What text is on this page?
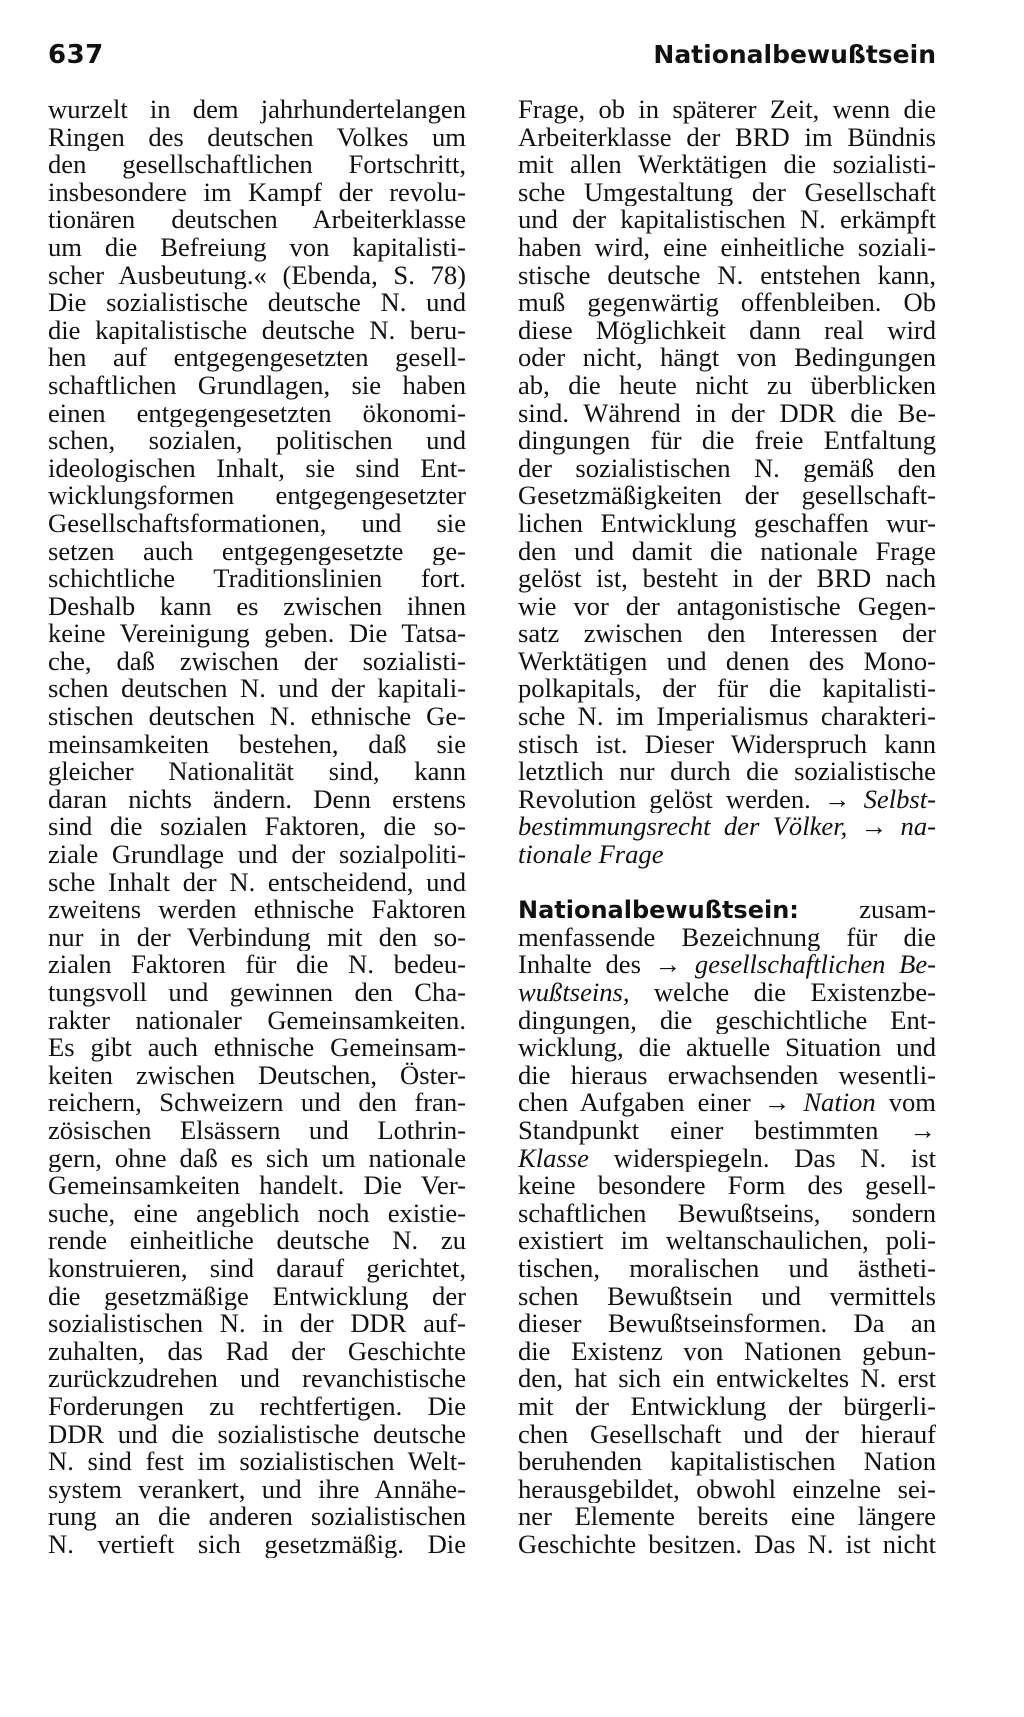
637	Nationalbewußtsein
wurzelt in dem jahrhundertelangen
Ringen des deutschen Volkes um
den gesellschaftlichen Fortschritt,
insbesondere im Kampf der revolu-
tionären deutschen Arbeiterklasse
um die Befreiung von kapitalisti-
scher Ausbeutung.« (Ebenda, S. 78)
Die sozialistische deutsche N. und
die kapitalistische deutsche N. beru-
hen auf entgegengesetzten gesell-
schaftlichen Grundlagen, sie haben
einen entgegengesetzten ökonomi-
schen, sozialen, politischen und
ideologischen Inhalt, sie sind Ent-
wicklungsformen entgegengesetzter
Gesellschaftsformationen, und sie
setzen auch entgegengesetzte ge-
schichtliche Traditionslinien fort.
Deshalb kann es zwischen ihnen
keine Vereinigung geben. Die Tatsa-
che, daß zwischen der sozialisti-
schen deutschen N. und der kapitali-
stischen deutschen N. ethnische Ge-
meinsamkeiten bestehen, daß sie
gleicher Nationalität sind, kann
daran nichts ändern. Denn erstens
sind die sozialen Faktoren, die so-
ziale Grundlage und der sozialpoliti-
sche Inhalt der N. entscheidend, und
zweitens werden ethnische Faktoren
nur in der Verbindung mit den so-
zialen Faktoren für die N. bedeu-
tungsvoll und gewinnen den Cha-
rakter nationaler Gemeinsamkeiten.
Es gibt auch ethnische Gemeinsam-
keiten zwischen Deutschen, Öster-
reichern, Schweizern und den fran-
zösischen Elsässern und Lothrin-
gern, ohne daß es sich um nationale
Gemeinsamkeiten handelt. Die Ver-
suche, eine angeblich noch existie-
rende einheitliche deutsche N. zu
konstruieren, sind darauf gerichtet,
die gesetzmäßige Entwicklung der
sozialistischen N. in der DDR auf-
zuhalten, das Rad der Geschichte
zurückzudrehen und revanchistische
Forderungen zu rechtfertigen. Die
DDR und die sozialistische deutsche
N. sind fest im sozialistischen Welt-
system verankert, und ihre Annähe-
rung an die anderen sozialistischen
N. vertieft sich gesetzmäßig. Die
Frage, ob in späterer Zeit, wenn die
Arbeiterklasse der BRD im Bündnis
mit allen Werktätigen die sozialisti-
sche Umgestaltung der Gesellschaft
und der kapitalistischen N. erkämpft
haben wird, eine einheitliche soziali-
stische deutsche N. entstehen kann,
muß gegenwärtig offenbleiben. Ob
diese Möglichkeit dann real wird
oder nicht, hängt von Bedingungen
ab, die heute nicht zu überblicken
sind. Während in der DDR die Be-
dingungen für die freie Entfaltung
der sozialistischen N. gemäß den
Gesetzmäßigkeiten der gesellschaft-
lichen Entwicklung geschaffen wur-
den und damit die nationale Frage
gelöst ist, besteht in der BRD nach
wie vor der antagonistische Gegen-
satz zwischen den Interessen der
Werktätigen und denen des Mono-
polkapitals, der für die kapitalisti-
sche N. im Imperialismus charakteri-
stisch ist. Dieser Widerspruch kann
letztlich nur durch die sozialistische
Revolution gelöst werden. → Selbst-
bestimmungsrecht der Völker, → na-
tionale Frage
Nationalbewußtsein: zusam-
menfassende Bezeichnung für die
Inhalte des → gesellschaftlichen Be-
wußtseins, welche die Existenzbe-
dingungen, die geschichtliche Ent-
wicklung, die aktuelle Situation und
die hieraus erwachsenden wesentli-
chen Aufgaben einer → Nation vom
Standpunkt einer bestimmten →
Klasse widerspiegeln. Das N. ist
keine besondere Form des gesell-
schaftlichen Bewußtseins, sondern
existiert im weltanschaulichen, poli-
tischen, moralischen und ästheti-
schen Bewußtsein und vermittels
dieser Bewußtseinsformen. Da an
die Existenz von Nationen gebun-
den, hat sich ein entwickeltes N. erst
mit der Entwicklung der bürgerli-
chen Gesellschaft und der hierauf
beruhenden kapitalistischen Nation
herausgebildet, obwohl einzelne sei-
ner Elemente bereits eine längere
Geschichte besitzen. Das N. ist nicht
